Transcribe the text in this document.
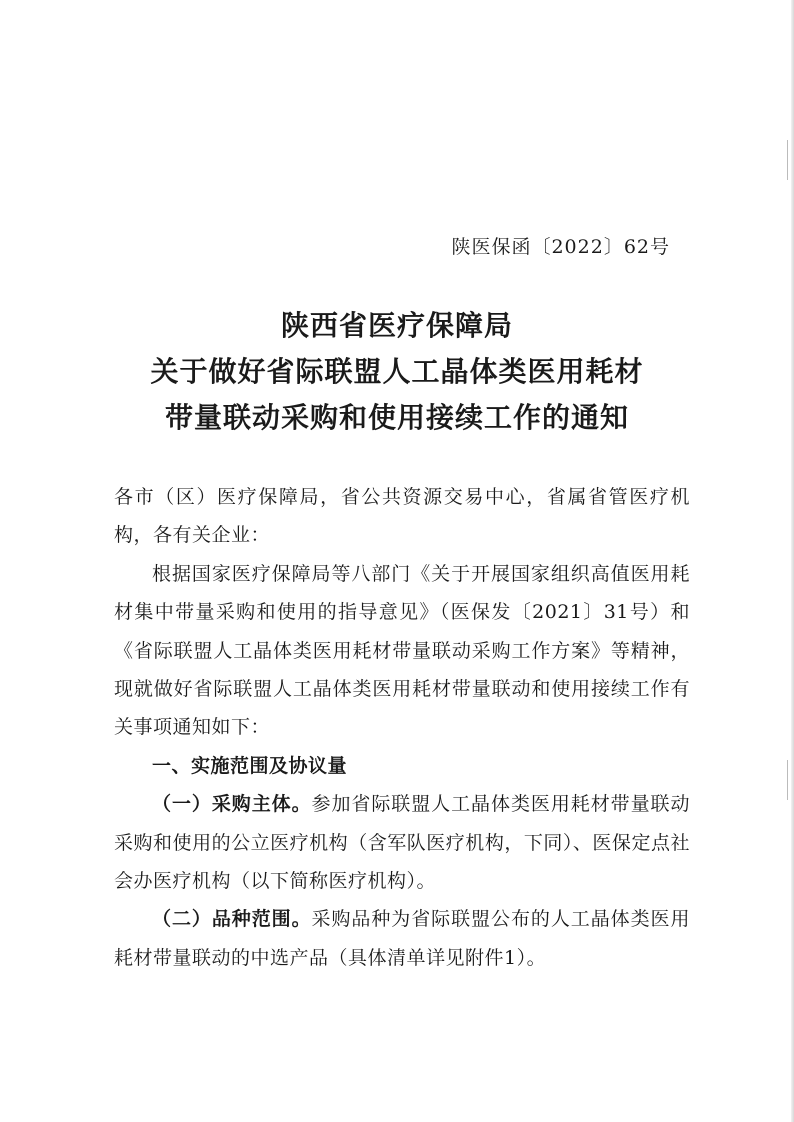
陕医保函〔2022〕62号
陕西省医疗保障局
关于做好省际联盟人工晶体类医用耗材
带量联动采购和使用接续工作的通知

各市（区）医疗保障局，省公共资源交易中心，省属省管医疗机构，各有关企业：

根据国家医疗保障局等八部门《关于开展国家组织高值医用耗材集中带量采购和使用的指导意见》（医保发〔2021〕31号）和《省际联盟人工晶体类医用耗材带量联动采购工作方案》等精神，现就做好省际联盟人工晶体类医用耗材带量联动和使用接续工作有关事项通知如下：

一、实施范围及协议量

（一）采购主体。参加省际联盟人工晶体类医用耗材带量联动采购和使用的公立医疗机构（含军队医疗机构，下同）、医保定点社会办医疗机构（以下简称医疗机构）。

（二）品种范围。采购品种为省际联盟公布的人工晶体类医用耗材带量联动的中选产品（具体清单详见附件1）。
